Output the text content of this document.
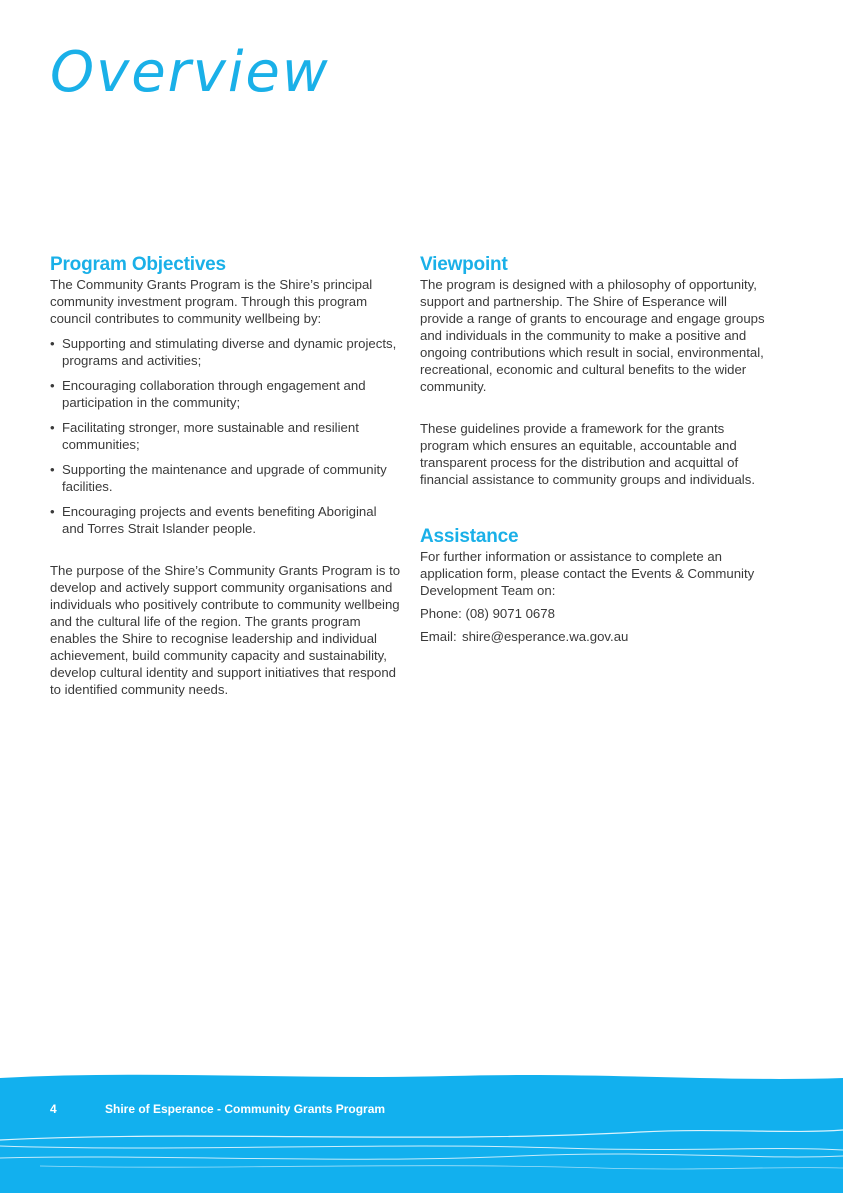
Overview
Program Objectives

The Community Grants Program is the Shire’s principal community investment program. Through this program council contributes to community wellbeing by:

• Supporting and stimulating diverse and dynamic projects, programs and activities;
• Encouraging collaboration through engagement and participation in the community;
• Facilitating stronger, more sustainable and resilient communities;
• Supporting the maintenance and upgrade of community facilities.
• Encouraging projects and events benefiting Aboriginal and Torres Strait Islander people.

The purpose of the Shire’s Community Grants Program is to develop and actively support community organisations and individuals who positively contribute to community wellbeing and the cultural life of the region. The grants program enables the Shire to recognise leadership and individual achievement, build community capacity and sustainability, develop cultural identity and support initiatives that respond to identified community needs.

Viewpoint

The program is designed with a philosophy of opportunity, support and partnership. The Shire of Esperance will provide a range of grants to encourage and engage groups and individuals in the community to make a positive and ongoing contributions which result in social, environmental, recreational, economic and cultural benefits to the wider community.

These guidelines provide a framework for the grants program which ensures an equitable, accountable and transparent process for the distribution and acquittal of financial assistance to community groups and individuals.

Assistance

For further information or assistance to complete an application form, please contact the Events & Community Development Team on:

Phone: (08) 9071 0678

Email: shire@esperance.wa.gov.au

4	Shire of Esperance - Community Grants Program
